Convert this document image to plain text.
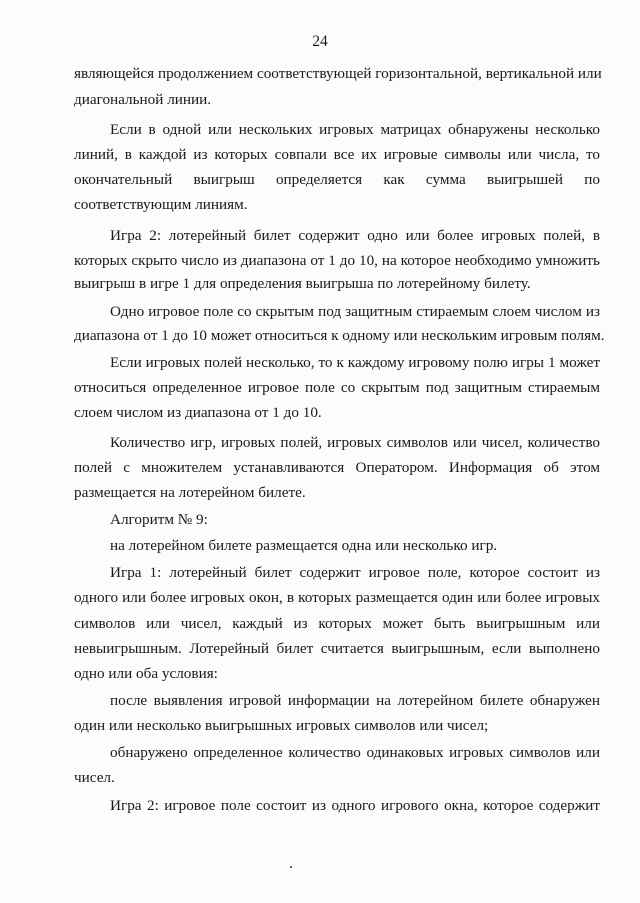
24
являющейся продолжением соответствующей горизонтальной, вертикальной или
диагональной линии.
Если в одной или нескольких игровых матрицах обнаружены несколько
линий, в каждой из которых совпали все их игровые символы или числа, то
окончательный выигрыш определяется как сумма выигрышей по
соответствующим линиям.
Игра 2: лотерейный билет содержит одно или более игровых полей, в
которых скрыто число из диапазона от 1 до 10, на которое необходимо умножить
выигрыш в игре 1 для определения выигрыша по лотерейному билету.
Одно игровое поле со скрытым под защитным стираемым слоем числом из
диапазона от 1 до 10 может относиться к одному или нескольким игровым полям.
Если игровых полей несколько, то к каждому игровому полю игры 1 может
относиться определенное игровое поле со скрытым под защитным стираемым
слоем числом из диапазона от 1 до 10.
Количество игр, игровых полей, игровых символов или чисел, количество
полей с множителем устанавливаются Оператором. Информация об этом
размещается на лотерейном билете.
Алгоритм № 9:
на лотерейном билете размещается одна или несколько игр.
Игра 1: лотерейный билет содержит игровое поле, которое состоит из
одного или более игровых окон, в которых размещается один или более игровых
символов или чисел, каждый из которых может быть выигрышным или
невыигрышным. Лотерейный билет считается выигрышным, если выполнено
одно или оба условия:
после выявления игровой информации на лотерейном билете обнаружен
один или несколько выигрышных игровых символов или чисел;
обнаружено определенное количество одинаковых игровых символов или
чисел.
Игра 2: игровое поле состоит из одного игрового окна, которое содержит
